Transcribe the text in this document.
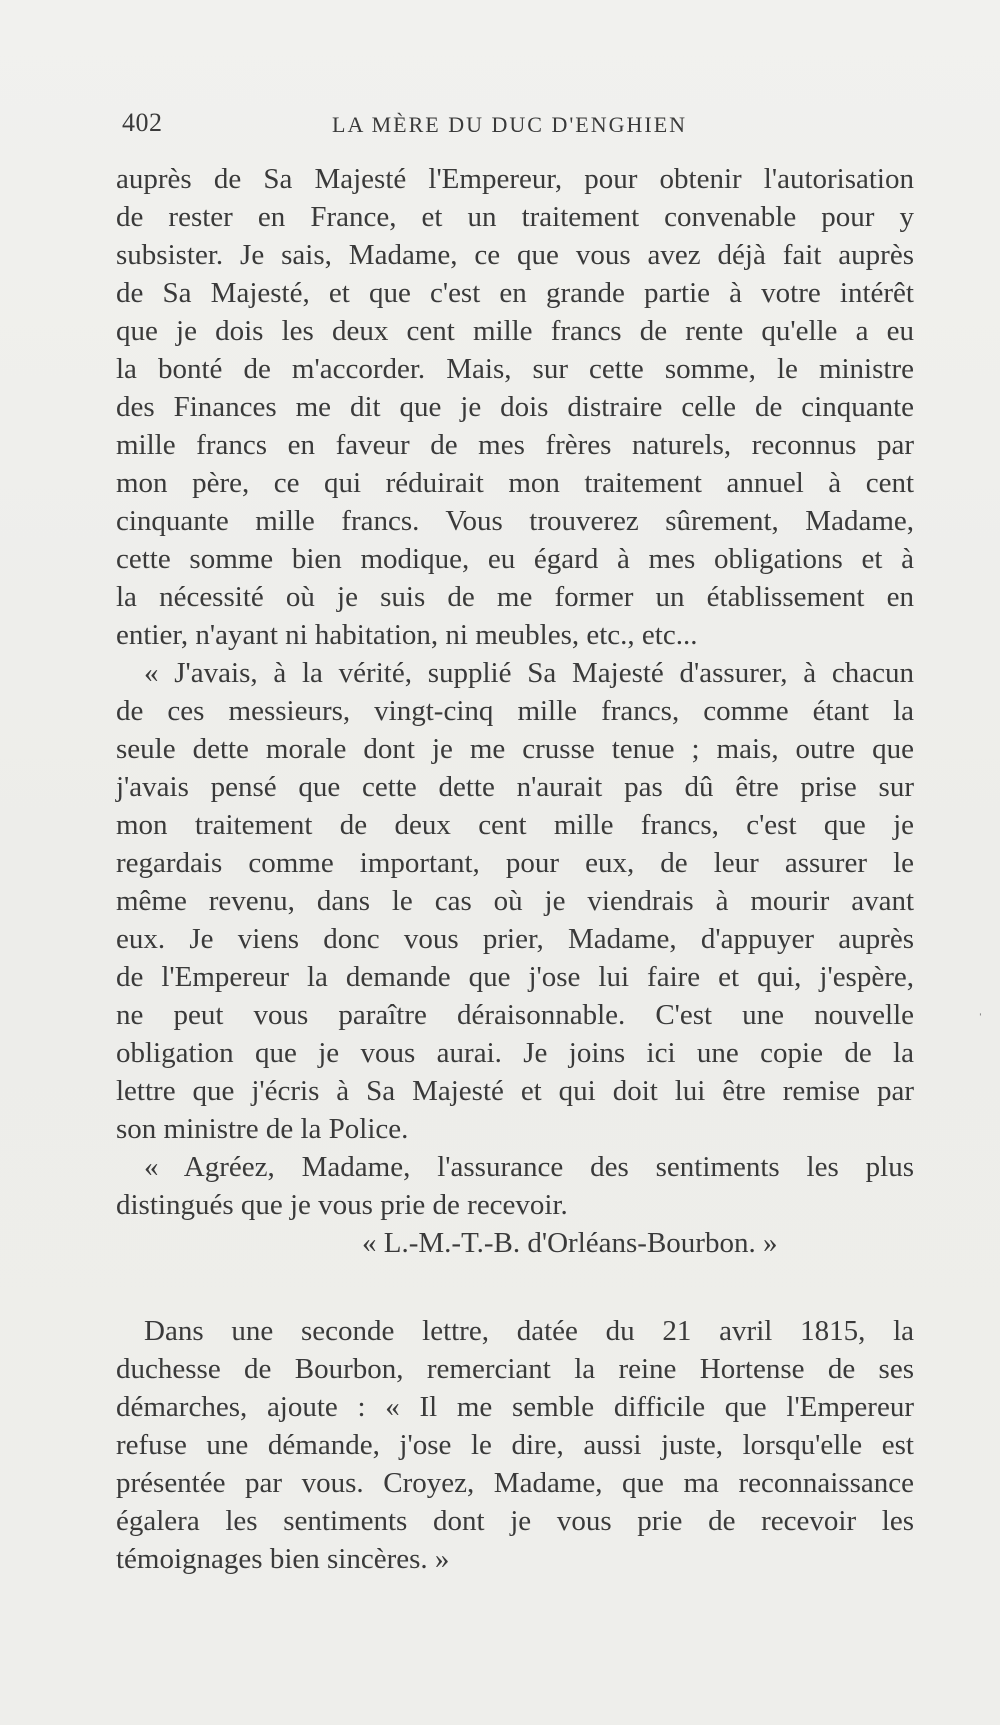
402	LA MÈRE DU DUC D'ENGHIEN
auprès de Sa Majesté l'Empereur, pour obtenir l'autorisation
de rester en France, et un traitement convenable pour y
subsister. Je sais, Madame, ce que vous avez déjà fait auprès
de Sa Majesté, et que c'est en grande partie à votre intérêt
que je dois les deux cent mille francs de rente qu'elle a eu
la bonté de m'accorder. Mais, sur cette somme, le ministre
des Finances me dit que je dois distraire celle de cinquante
mille francs en faveur de mes frères naturels, reconnus par
mon père, ce qui réduirait mon traitement annuel à cent
cinquante mille francs. Vous trouverez sûrement, Madame,
cette somme bien modique, eu égard à mes obligations et à
la nécessité où je suis de me former un établissement en
entier, n'ayant ni habitation, ni meubles, etc., etc...
« J'avais, à la vérité, supplié Sa Majesté d'assurer, à chacun
de ces messieurs, vingt-cinq mille francs, comme étant la
seule dette morale dont je me crusse tenue ; mais, outre que
j'avais pensé que cette dette n'aurait pas dû être prise sur
mon traitement de deux cent mille francs, c'est que je
regardais comme important, pour eux, de leur assurer le
même revenu, dans le cas où je viendrais à mourir avant
eux. Je viens donc vous prier, Madame, d'appuyer auprès
de l'Empereur la demande que j'ose lui faire et qui, j'espère,
ne peut vous paraître déraisonnable. C'est une nouvelle
obligation que je vous aurai. Je joins ici une copie de la
lettre que j'écris à Sa Majesté et qui doit lui être remise par
son ministre de la Police.
« Agréez, Madame, l'assurance des sentiments les plus
distingués que je vous prie de recevoir.
« L.-M.-T.-B. d'Orléans-Bourbon. »
Dans une seconde lettre, datée du 21 avril 1815, la
duchesse de Bourbon, remerciant la reine Hortense de ses
démarches, ajoute : « Il me semble difficile que l'Empereur
refuse une démande, j'ose le dire, aussi juste, lorsqu'elle est
présentée par vous. Croyez, Madame, que ma reconnaissance
égalera les sentiments dont je vous prie de recevoir les
témoignages bien sincères. »
ˈ
